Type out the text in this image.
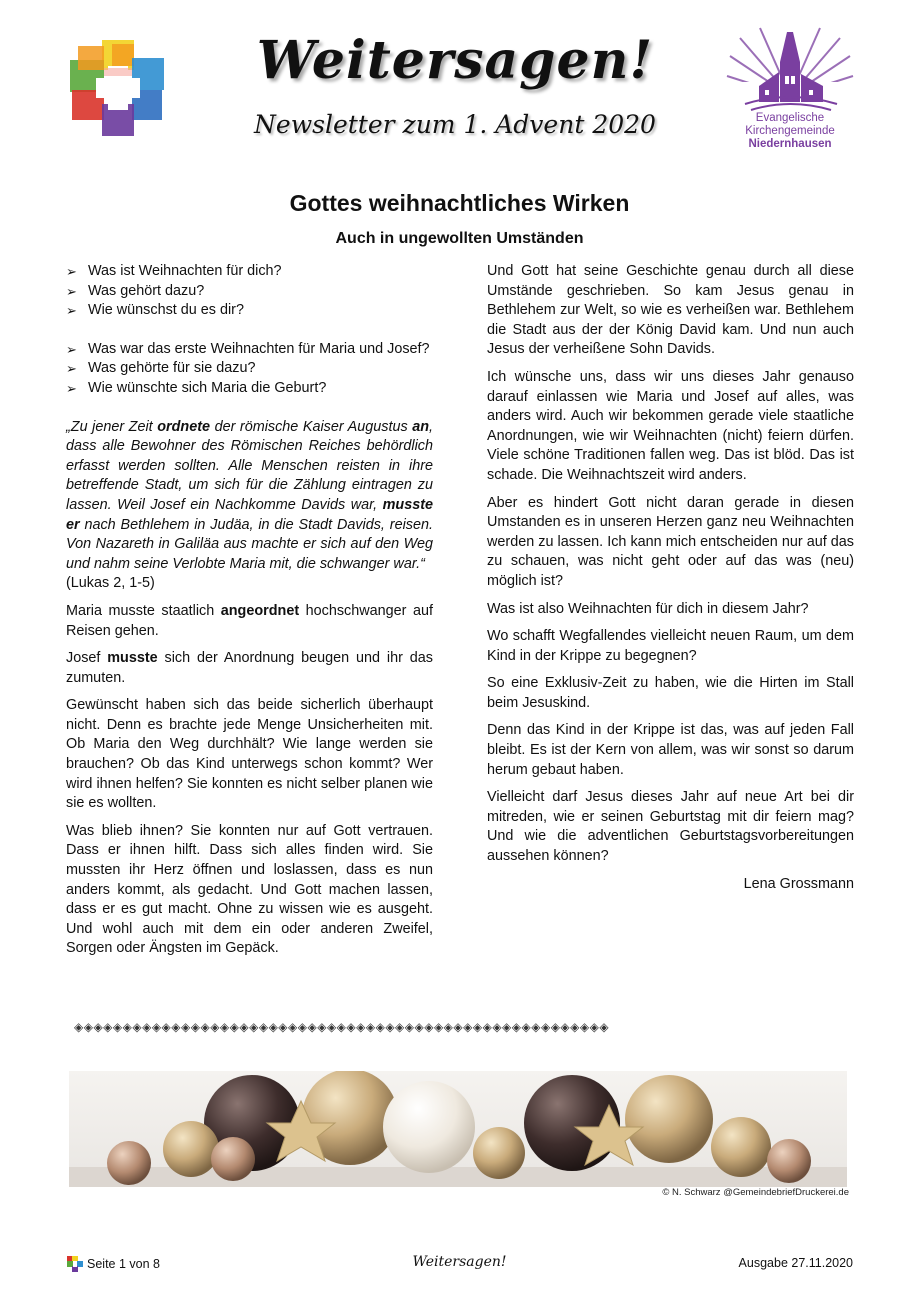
Weitersagen!
Newsletter zum 1. Advent 2020	Evangelische
Kirchengemeinde
Niedernhausen
Gottes weihnachtliches Wirken
Auch in ungewollten Umständen
➢ Was ist Weihnachten für dich?
➢ Was gehört dazu?
➢ Wie wünschst du es dir?
➢ Was war das erste Weihnachten für Maria und Josef?
➢ Was gehörte für sie dazu?
➢ Wie wünschte sich Maria die Geburt?
„Zu jener Zeit ordnete der römische Kaiser Augustus an, dass alle Bewohner des Römischen Reiches behördlich erfasst werden sollten. Alle Menschen reisten in ihre betreffende Stadt, um sich für die Zählung eintragen zu lassen. Weil Josef ein Nachkomme Davids war, musste er nach Bethlehem in Judäa, in die Stadt Davids, reisen. Von Nazareth in Galiläa aus machte er sich auf den Weg und nahm seine Verlobte Maria mit, die schwanger war.“
(Lukas 2, 1-5)

Maria musste staatlich angeordnet hochschwanger auf Reisen gehen.

Josef musste sich der Anordnung beugen und ihr das zumuten.

Gewünscht haben sich das beide sicherlich überhaupt nicht. Denn es brachte jede Menge Unsicherheiten mit. Ob Maria den Weg durchhält? Wie lange werden sie brauchen? Ob das Kind unterwegs schon kommt? Wer wird ihnen helfen? Sie konnten es nicht selber planen wie sie es wollten.

Was blieb ihnen? Sie konnten nur auf Gott vertrauen. Dass er ihnen hilft. Dass sich alles finden wird. Sie mussten ihr Herz öffnen und loslassen, dass es nun anders kommt, als gedacht. Und Gott machen lassen, dass er es gut macht. Ohne zu wissen wie es ausgeht. Und wohl auch mit dem ein oder anderen Zweifel, Sorgen oder Ängsten im Gepäck.

Und Gott hat seine Geschichte genau durch all diese Umstände geschrieben. So kam Jesus genau in Bethlehem zur Welt, so wie es verheißen war. Bethlehem die Stadt aus der der König David kam. Und nun auch Jesus der verheißene Sohn Davids.

Ich wünsche uns, dass wir uns dieses Jahr genauso darauf einlassen wie Maria und Josef auf alles, was anders wird. Auch wir bekommen gerade viele staatliche Anordnungen, wie wir Weihnachten (nicht) feiern dürfen. Viele schöne Traditionen fallen weg. Das ist blöd. Das ist schade. Die Weihnachtszeit wird anders.

Aber es hindert Gott nicht daran gerade in diesen Umstanden es in unseren Herzen ganz neu Weihnachten werden zu lassen. Ich kann mich entscheiden nur auf das zu schauen, was nicht geht oder auf das was (neu) möglich ist?

Was ist also Weihnachten für dich in diesem Jahr?

Wo schafft Wegfallendes vielleicht neuen Raum, um dem Kind in der Krippe zu begegnen?

So eine Exklusiv-Zeit zu haben, wie die Hirten im Stall beim Jesuskind.

Denn das Kind in der Krippe ist das, was auf jeden Fall bleibt. Es ist der Kern von allem, was wir sonst so darum herum gebaut haben.

Vielleicht darf Jesus dieses Jahr auf neue Art bei dir mitreden, wie er seinen Geburtstag mit dir feiern mag? Und wie die adventlichen Geburtstagsvorbereitungen aussehen können?

Lena Grossmann
◈◈◈◈◈◈◈◈◈◈◈◈◈◈◈◈◈◈◈◈◈◈◈◈◈◈◈◈◈◈◈◈◈◈◈◈◈◈◈◈◈◈◈◈◈◈◈◈◈◈◈◈◈◈◈
© N. Schwarz @GemeindebriefDruckerei.de
Seite 1 von 8	Weitersagen!	Ausgabe 27.11.2020
